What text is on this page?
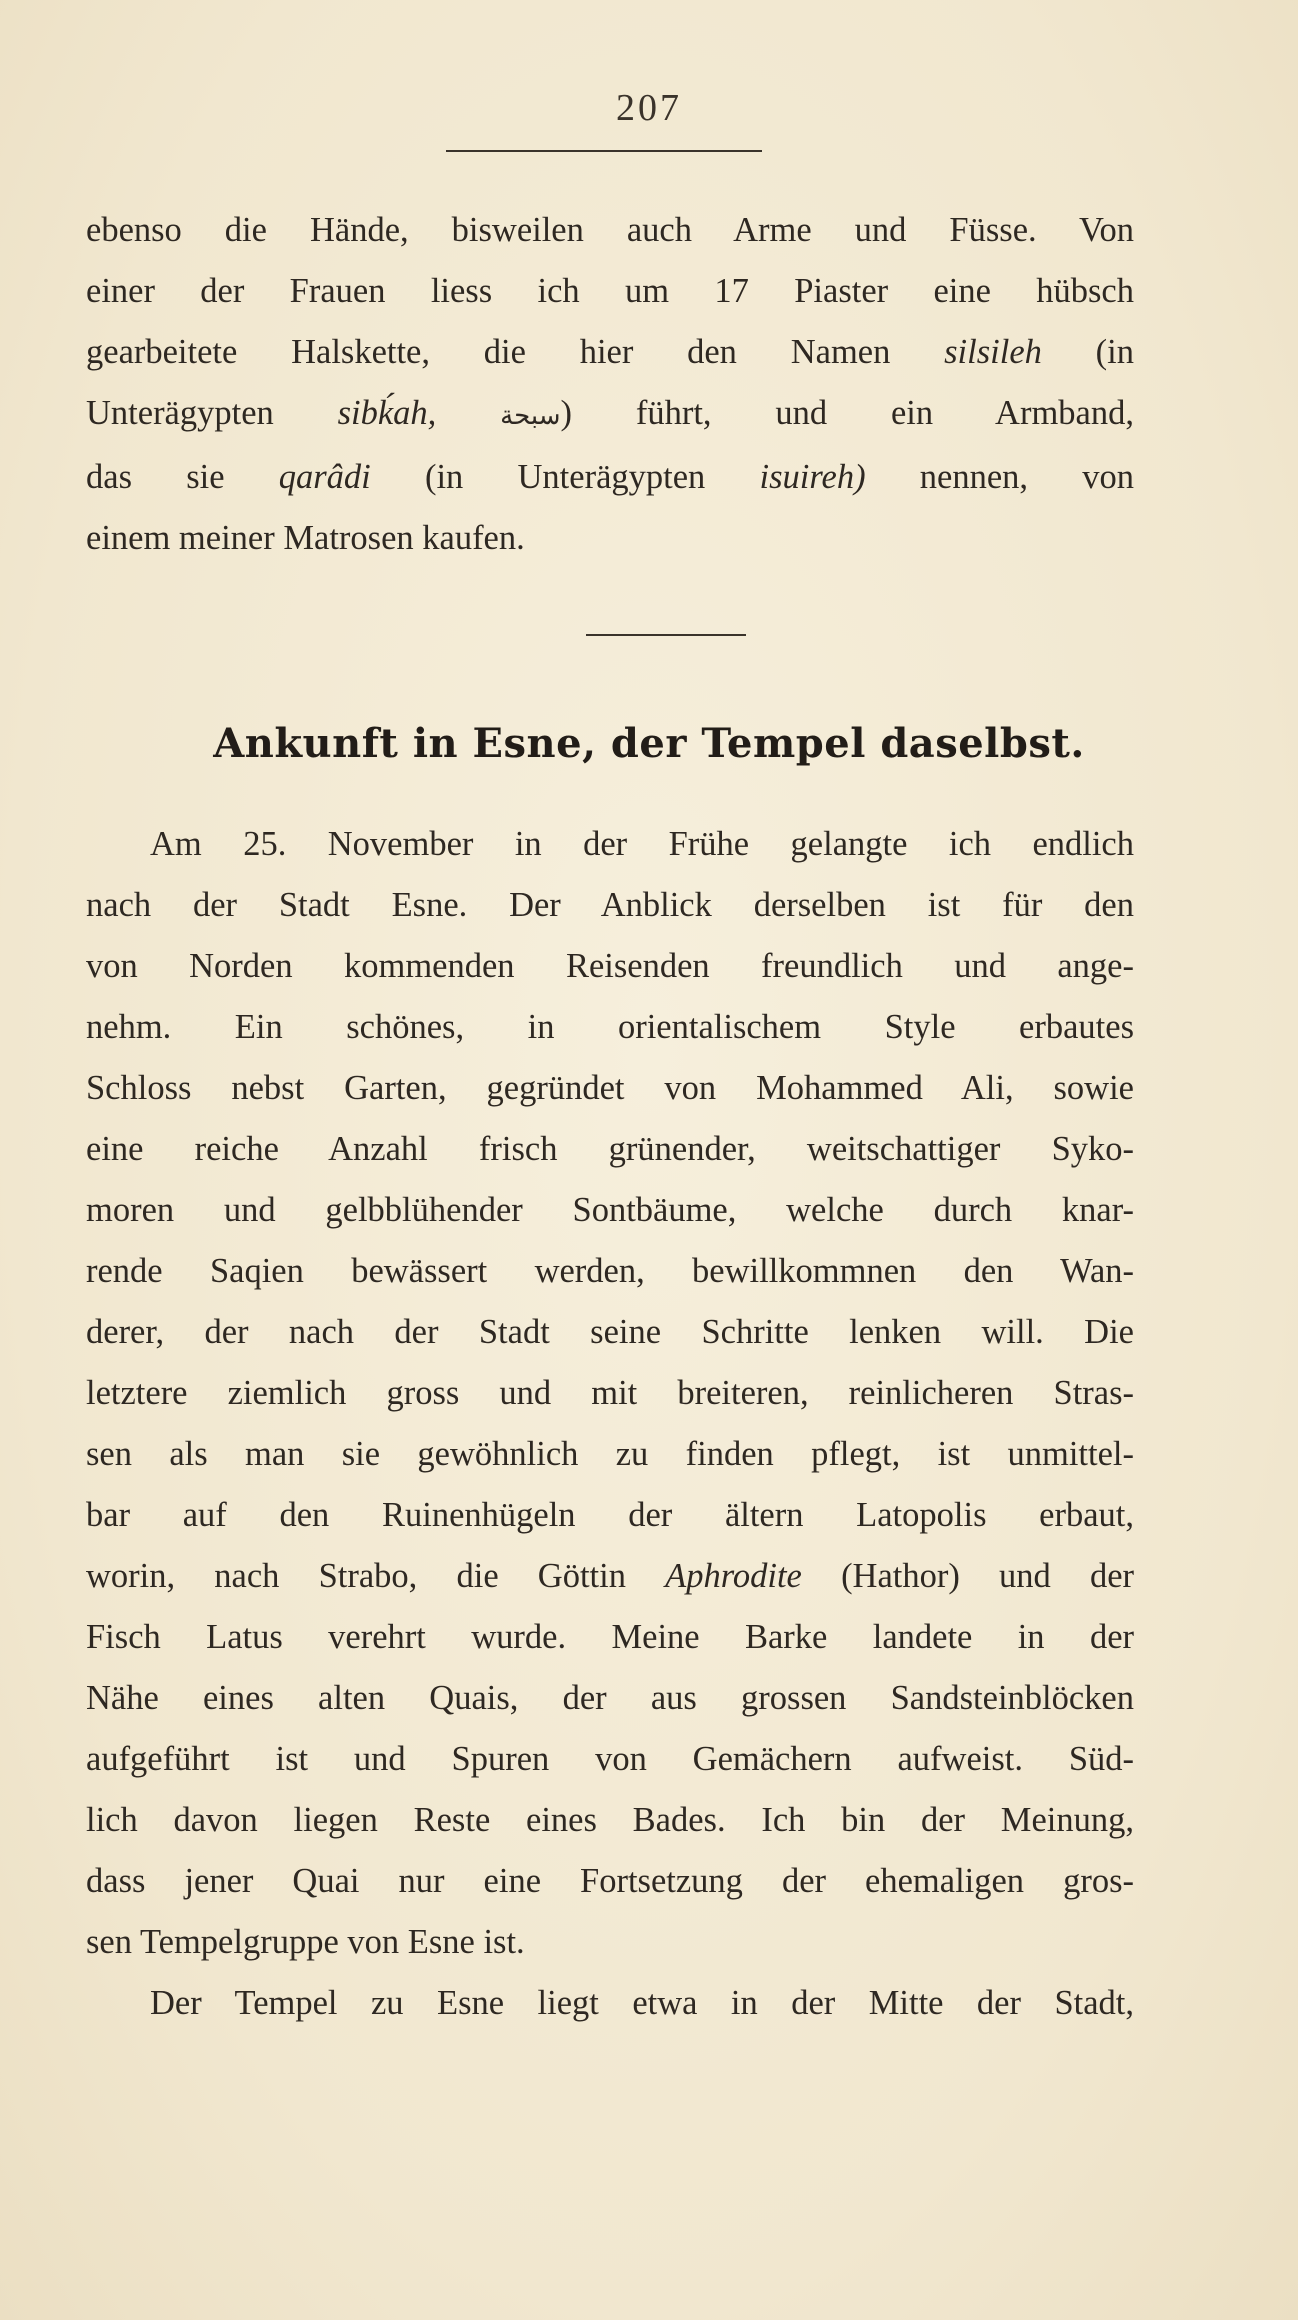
207
ebenso die Hände, bisweilen auch Arme und Füsse. Von
einer der Frauen liess ich um 17 Piaster eine hübsch
gearbeitete Halskette, die hier den Namen silsileh (in
Unterägypten sibḱah, سبحة) führt, und ein Armband,
das sie qarâdi (in Unterägypten isuireh) nennen, von
einem meiner Matrosen kaufen.
Ankunft in Esne, der Tempel daselbst.
Am 25. November in der Frühe gelangte ich endlich
nach der Stadt Esne. Der Anblick derselben ist für den
von Norden kommenden Reisenden freundlich und ange-
nehm. Ein schönes, in orientalischem Style erbautes
Schloss nebst Garten, gegründet von Mohammed Ali, sowie
eine reiche Anzahl frisch grünender, weitschattiger Syko-
moren und gelbblühender Sontbäume, welche durch knar-
rende Saqien bewässert werden, bewillkommnen den Wan-
derer, der nach der Stadt seine Schritte lenken will. Die
letztere ziemlich gross und mit breiteren, reinlicheren Stras-
sen als man sie gewöhnlich zu finden pflegt, ist unmittel-
bar auf den Ruinenhügeln der ältern Latopolis erbaut,
worin, nach Strabo, die Göttin Aphrodite (Hathor) und der
Fisch Latus verehrt wurde. Meine Barke landete in der
Nähe eines alten Quais, der aus grossen Sandsteinblöcken
aufgeführt ist und Spuren von Gemächern aufweist. Süd-
lich davon liegen Reste eines Bades. Ich bin der Meinung,
dass jener Quai nur eine Fortsetzung der ehemaligen gros-
sen Tempelgruppe von Esne ist.
Der Tempel zu Esne liegt etwa in der Mitte der Stadt,
